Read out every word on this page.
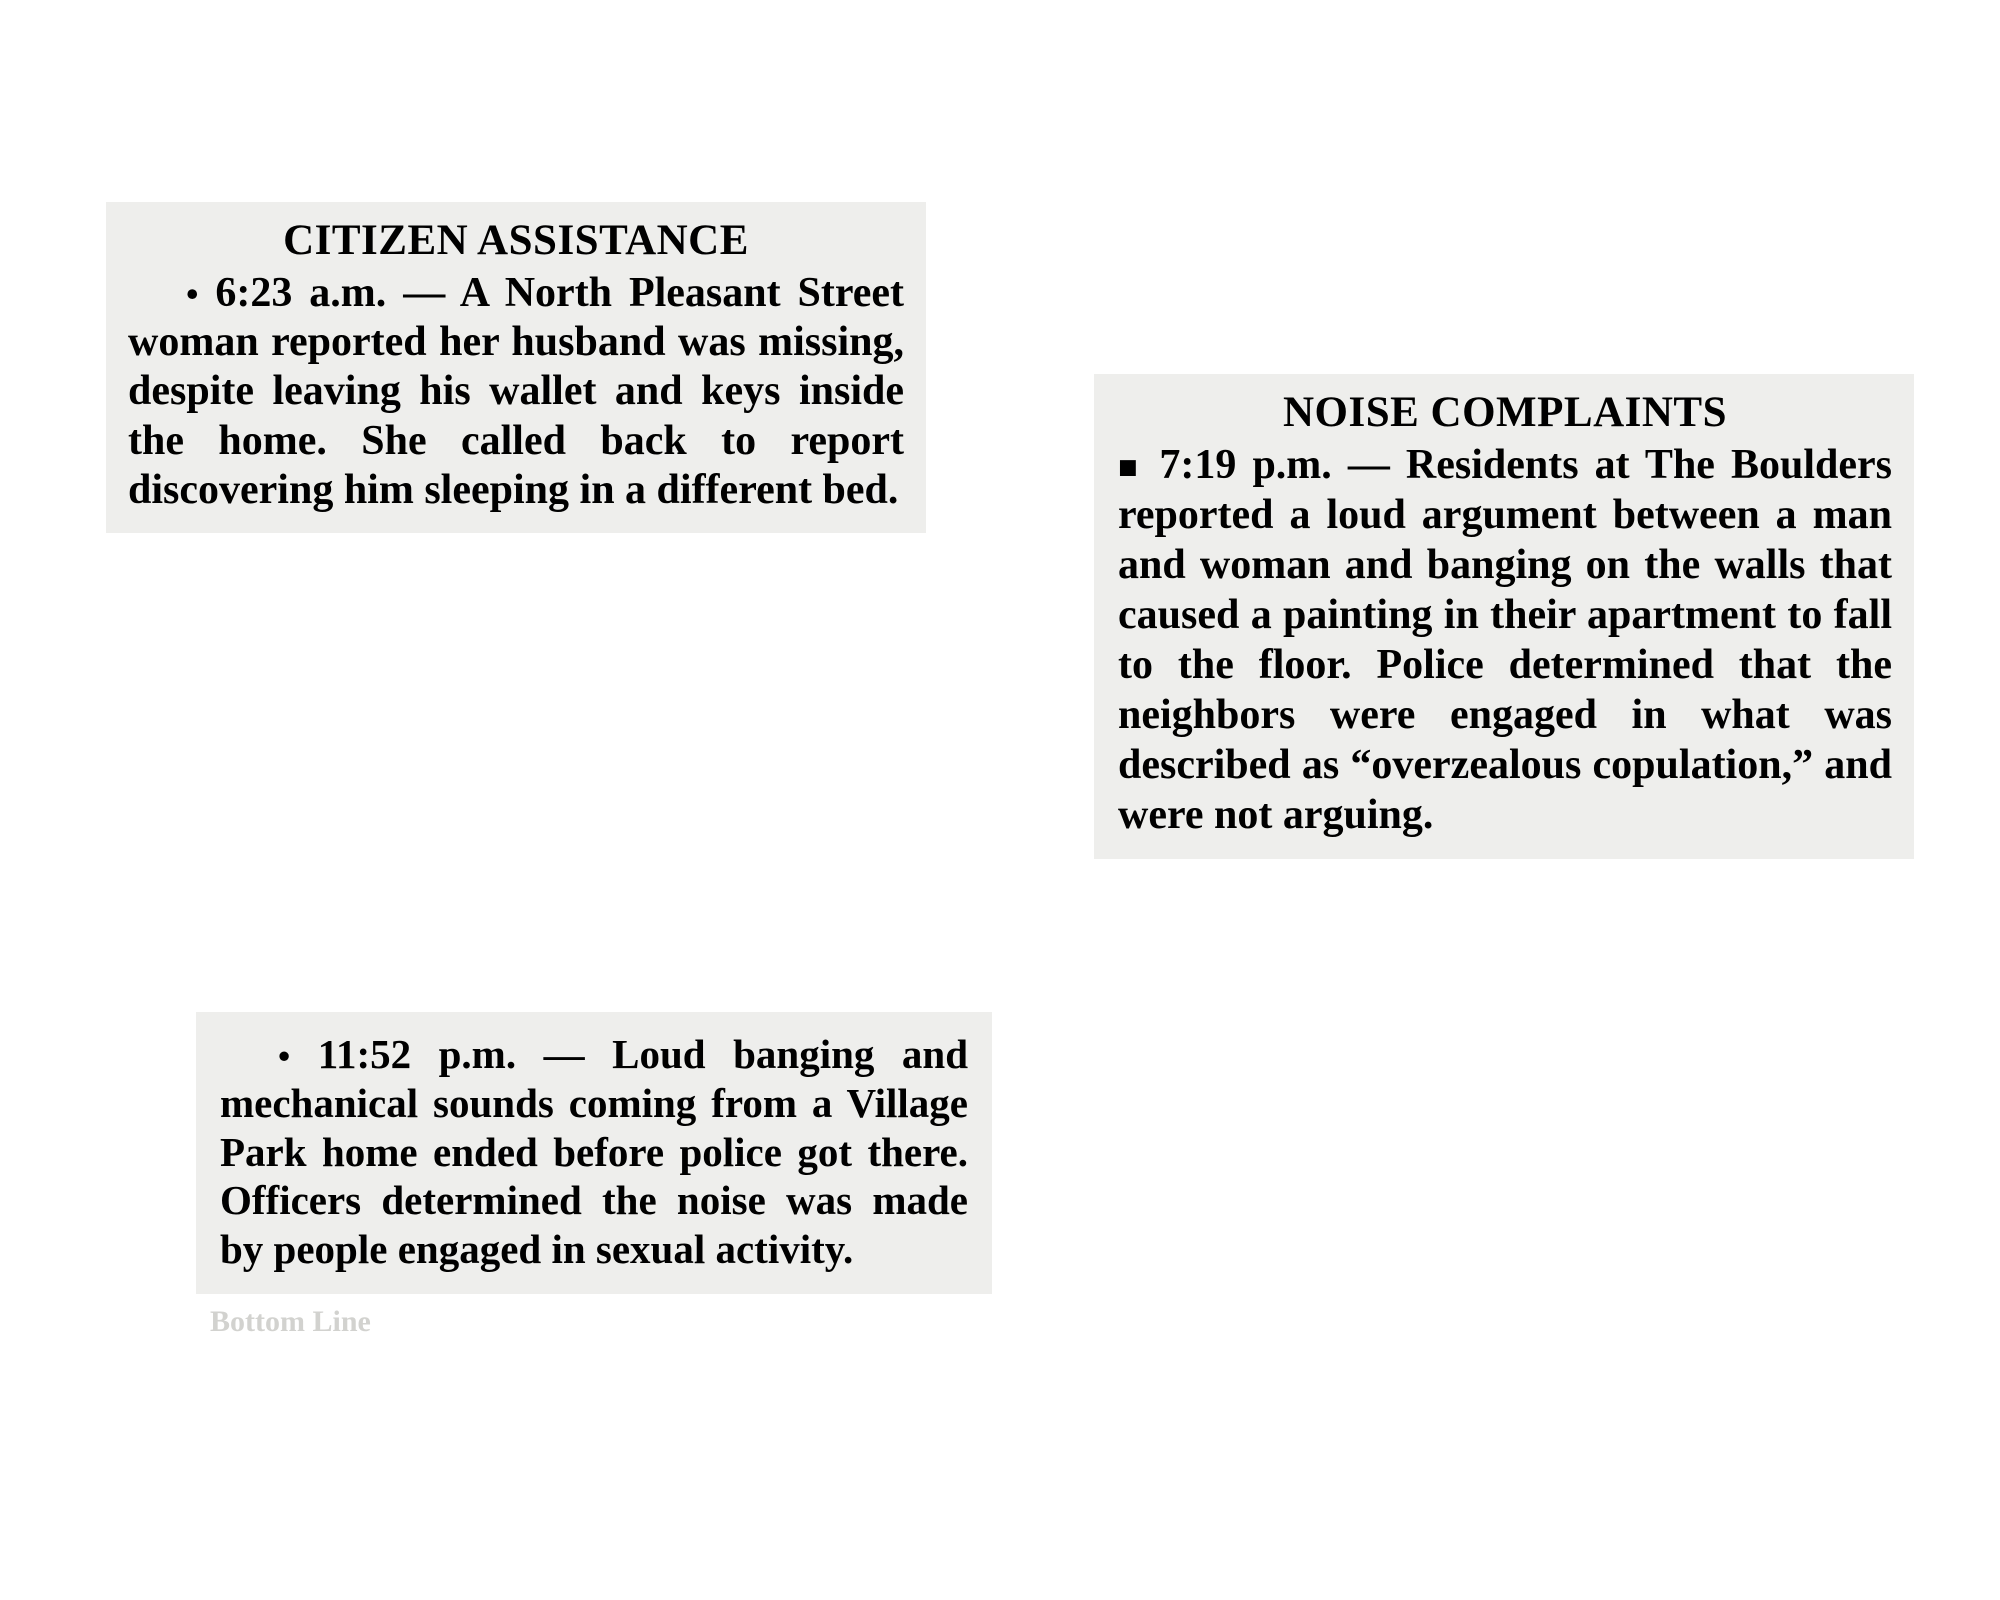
CITIZEN ASSISTANCE
• 6:23 a.m. — A North Pleasant Street woman reported her husband was missing, despite leaving his wallet and keys inside the home. She called back to report discovering him sleeping in a different bed.
• 11:52 p.m. — Loud banging and mechanical sounds coming from a Village Park home ended before police got there. Officers determined the noise was made by people engaged in sexual activity.
Bottom Line
NOISE COMPLAINTS
■ 7:19 p.m. — Residents at The Boulders reported a loud argument between a man and woman and banging on the walls that caused a painting in their apartment to fall to the floor. Police determined that the neighbors were engaged in what was described as “overzealous copulation,” and were not arguing.
